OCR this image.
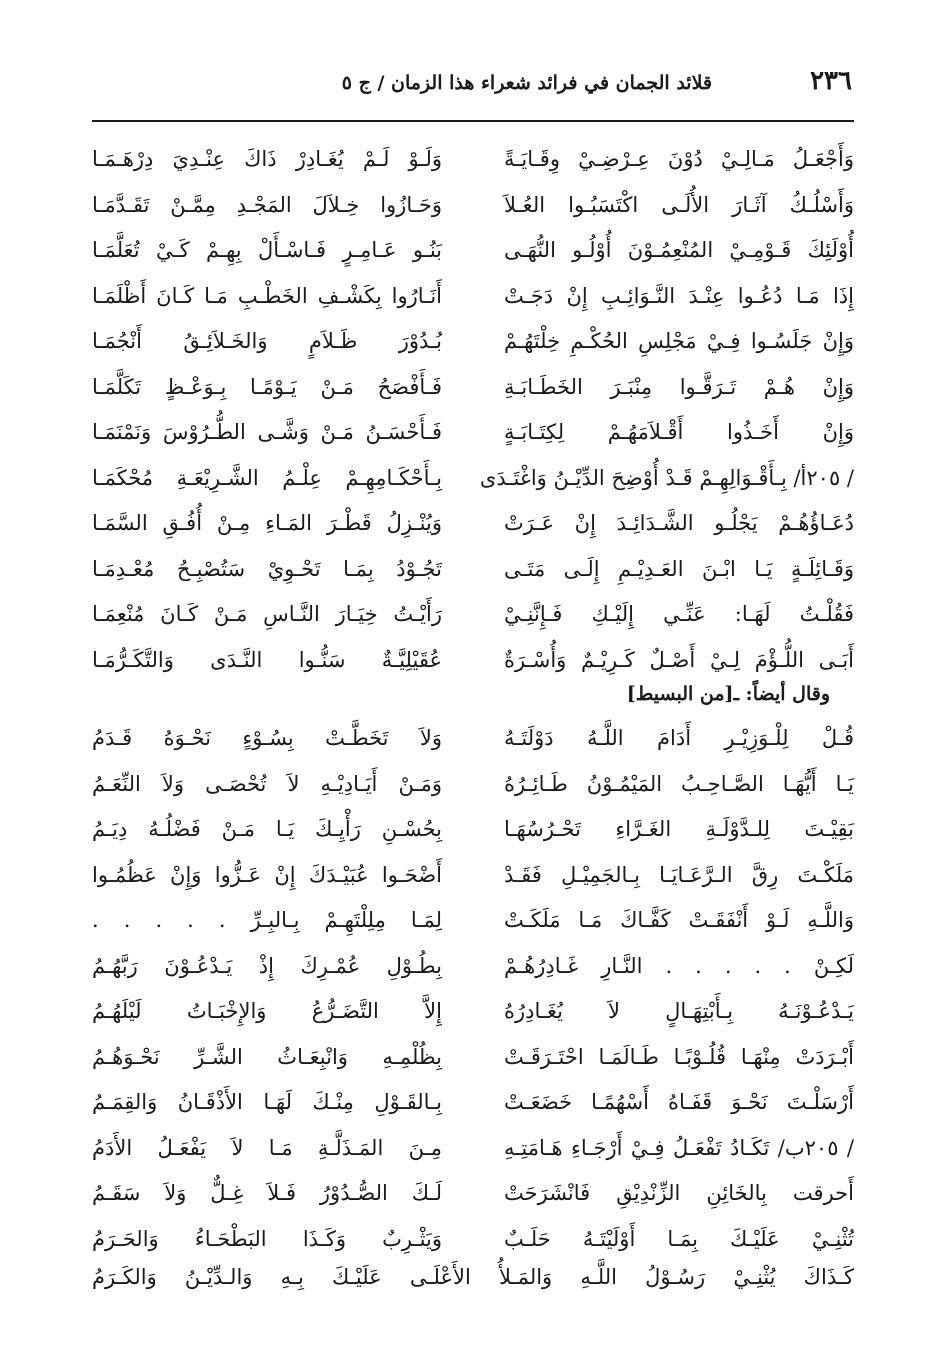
٢٣٦
قلائد الجمان في فرائد شعراء هذا الزمان / ج ٥
وَأَجْعَـلُ مَـالِـيْ دُوْنَ عِـرْضِـيْ وِقَـايَـةً
وَلَـوْ لَـمْ يُغَـادِرْ ذَاكَ عِنْـدِيَ دِرْهَـمَـا
وَأَسْلُـكُ آثَـارَ الأُلَـى اكْتَسَبُـوا العُـلاَ
وَحَـازُوا خِـلاَلَ المَجْـدِ مِمَّـنْ تَقَـدَّمَـا
أُوْلَئِكَ قَـوْمِـيْ المُنْعِمُـوْنَ أُوْلُـو النُّهَـى
بَنُـو عَـامِـرٍ فَـاسْـأَلْ بِهِـمْ كَـيْ تُعَلَّمَـا
إِذَا مَـا دُعُـوا عِنْـدَ النَّـوَائِـبِ إِنْ دَجَـتْ
أَنَـارُوا بِكَشْـفِ الخَطْـبِ مَـا كَـانَ أَظْلَمَـا
وَإِنْ جَلَسُـوا فِـيْ مَجْلِسِ الحُكْـمِ خِلْتَهُـمْ
بُـدُوْرَ ظَـلاَمٍ وَالخَـلاَئِـقُ أَنْجُمَـا
وَإِنْ هُـمْ تَـرَقَّـوا مِنْبَـرَ الخَطَـابَـةِ
فَـأَفْصَحُ مَـنْ يَـوْمًـا بِـوَعْـظٍ تَكَلَّمَـا
وَإِنْ أَخَـذُوا أَقْـلاَمَهُـمْ لِكِتَـابَـةٍ
فَـأَحْسَـنُ مَـنْ وَشَّـى الطُّـرُوْسَ وَنَمْنَمَـا
/ ٢٠٥أ/ بِـأَقْـوَالِهِـمْ قَـدْ أُوْضِحَ الدِّيْـنُ وَاغْتَـدَى
بِـأَحْكَـامِهِـمْ عِلْـمُ الشَّـرِيْعَـةِ مُحْكَمَـا
دُعَـاؤُهُـمْ يَجْلُـو الشَّـدَائِـدَ إِنْ عَـرَتْ
وَيُنْـزِلُ قَطْـرَ المَـاءِ مِـنْ أُفُـقِ السَّمَـا
وَقَـائِلَـةٍ يَـا ابْـنَ العَـدِيْـمِ إِلَـى مَتَـى
تَجُـوْدُ بِمَـا تَحْـوِيْ سَتُصْبِـحُ مُعْـدِمَـا
فَقُلْـتُ لَهَـا: عَنِّـي إِلَيْـكِ فَـإِنَّنِـيْ
رَأَيْـتُ خِيَـارَ النَّـاسِ مَـنْ كَـانَ مُنْعِمَـا
أَبَـى اللُّـؤْمَ لِـيْ أَصْـلٌ كَـرِيْـمٌ وَأُسْـرَةٌ
عُقَيْلِيَّـةٌ سَنُّـوا النَّـدَى وَالتَّكَـرُّمَـا
وقال أيضاً: ـ[من البسيط]
قُـلْ لِلْـوَزِيْـرِ أَدَامَ اللَّـهُ دَوْلَتَـهُ
وَلاَ تَخَطَّـتْ بِسُـوْءٍ نَحْـوَهُ قَـدَمُ
يَـا أَيُّهَـا الصَّـاحِـبُ المَيْمُـوْنُ طَـائِـرُهُ
وَمَـنْ أَيَـادِيْـهِ لاَ تُحْصَـى وَلاَ النِّعَـمُ
بَقِيْـتَ لِلـدَّوْلَـةِ الغَـرَّاءِ تَحْـرُسُهَـا
بِحُسْـنِ رَأْيِـكَ يَـا مَـنْ فَضْلُـهُ دِيَـمُ
مَلَكْـتَ رِقَّ الـرَّعَـايَـا بِـالجَمِيْـلِ فَقَـدْ
أَضْحَـوا عُبَيْـدَكَ إِنْ عَـزُّوا وَإِنْ عَظُمُـوا
وَاللَّـهِ لَـوْ أَنْفَقَـتْ كَفَّـاكَ مَـا مَلَكَـتْ
لِمَـا مِلِلْتَهِـمْ بِـالبِـرِّ . . . . .
لَكِـنْ . . . . . النَّـارِ غَـادِرُهُـمْ
بِطُـوْلِ عُمْـرِكَ إِذْ يَـدْعُـوْنَ رَبَّهُـمُ
يَـدْعُـوْنَـهُ بِـأَبْتِهَـالٍ لاَ يُغَـادِرُهُ
إِلاَّ التَّضَـرُّعُ وَالإِخْبَـاتُ لَيْلَهُـمُ
أَبْـرَدَتْ مِنْهَـا قُلُـوْبًـا طَـالَمَـا احْتَـرَقَـتْ
بِظُلْمِـهِ وَانْبِعَـاثُ الشَّـرِّ نَحْـوَهُـمُ
أَرْسَلْـتَ نَحْـوَ قَفَـاهُ أَسْهُمًـا خَضَعَـتْ
بِـالقَـوْلِ مِنْـكَ لَهَـا الأَذْقَـانُ وَالقِمَـمُ
/ ٢٠٥ب/ تَكَـادُ تَفْعَـلُ فِـيْ أَرْجَـاءِ هَـامَتِـهِ
مِـنَ المَـذَلَّـةِ مَـا لاَ يَفْعَـلُ الأَدَمُ
أَحرقت بِالخَائِنِ الزِّنْدِيْقِ فَانْشَرَحَتْ
لَـكَ الصُّـدُوْرُ فَـلاَ غِـلٌّ وَلاَ سَقَـمُ
تُثْنِـيْ عَلَيْـكَ بِمَـا أَوْلَيْتَـهُ حَلَـبٌ
وَيَثْـرِبٌ وَكَـذَا البَطْحَـاءُ وَالحَـرَمُ
كَـذَاكَ يُثْنِـيْ رَسُـوْلُ اللَّـهِ وَالمَـلأُ الأَعْلَـى عَلَيْـكَ بِـهِ وَالـدِّيْـنُ وَالكَـرَمُ
